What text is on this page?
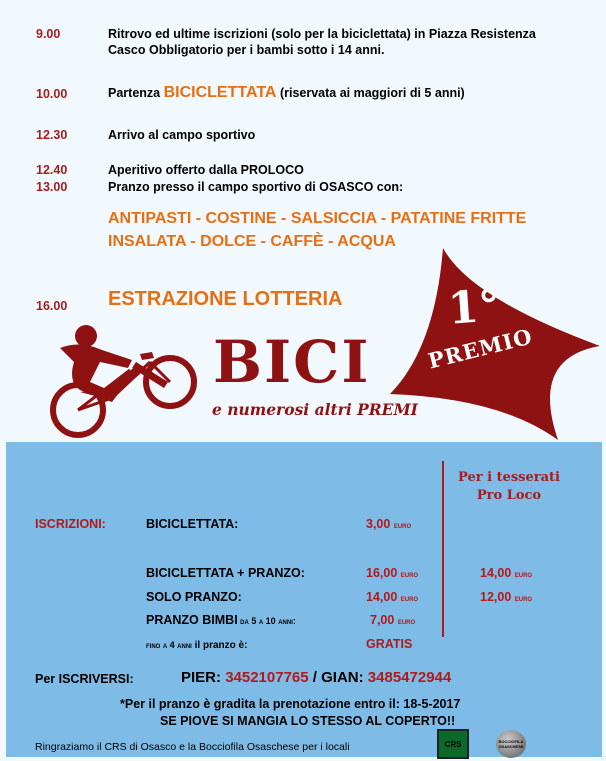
9.00	Ritrovo ed ultime iscrizioni (solo per la biciclettata) in Piazza Resistenza
Casco Obbligatorio per i bambi sotto i 14 anni.
10.00	Partenza BICICLETTATA (riservata ai maggiori di 5 anni)
12.30	Arrivo al campo sportivo
12.40	Aperitivo offerto dalla PROLOCO
13.00	Pranzo presso il campo sportivo di OSASCO con:
ANTIPASTI - COSTINE - SALSICCIA - PATATINE FRITTE
INSALATA - DOLCE - CAFFÈ - ACQUA
16.00 ESTRAZIONE LOTTERIA 1°
PREMIO
BICI
e numerosi altri PREMI
Per i tesserati
Pro Loco
ISCRIZIONI:	BICICLETTATA:	3,00 euro
BICICLETTATA + PRANZO:	16,00 euro	14,00 euro
SOLO PRANZO:	14,00 euro	12,00 euro
PRANZO BIMBI da 5 a 10 anni:	7,00 euro
fino a 4 anni il pranzo è:	GRATIS
Per ISCRIVERSI:	PIER: 3452107765 / GIAN: 3485472944
*Per il pranzo è gradita la prenotazione entro il: 18-5-2017
SE PIOVE SI MANGIA LO STESSO AL COPERTO!!
Ringraziamo il CRS di Osasco e la Bocciofila Osaschese per i locali	CRS	BOCCIOFILA OSASCHESE
